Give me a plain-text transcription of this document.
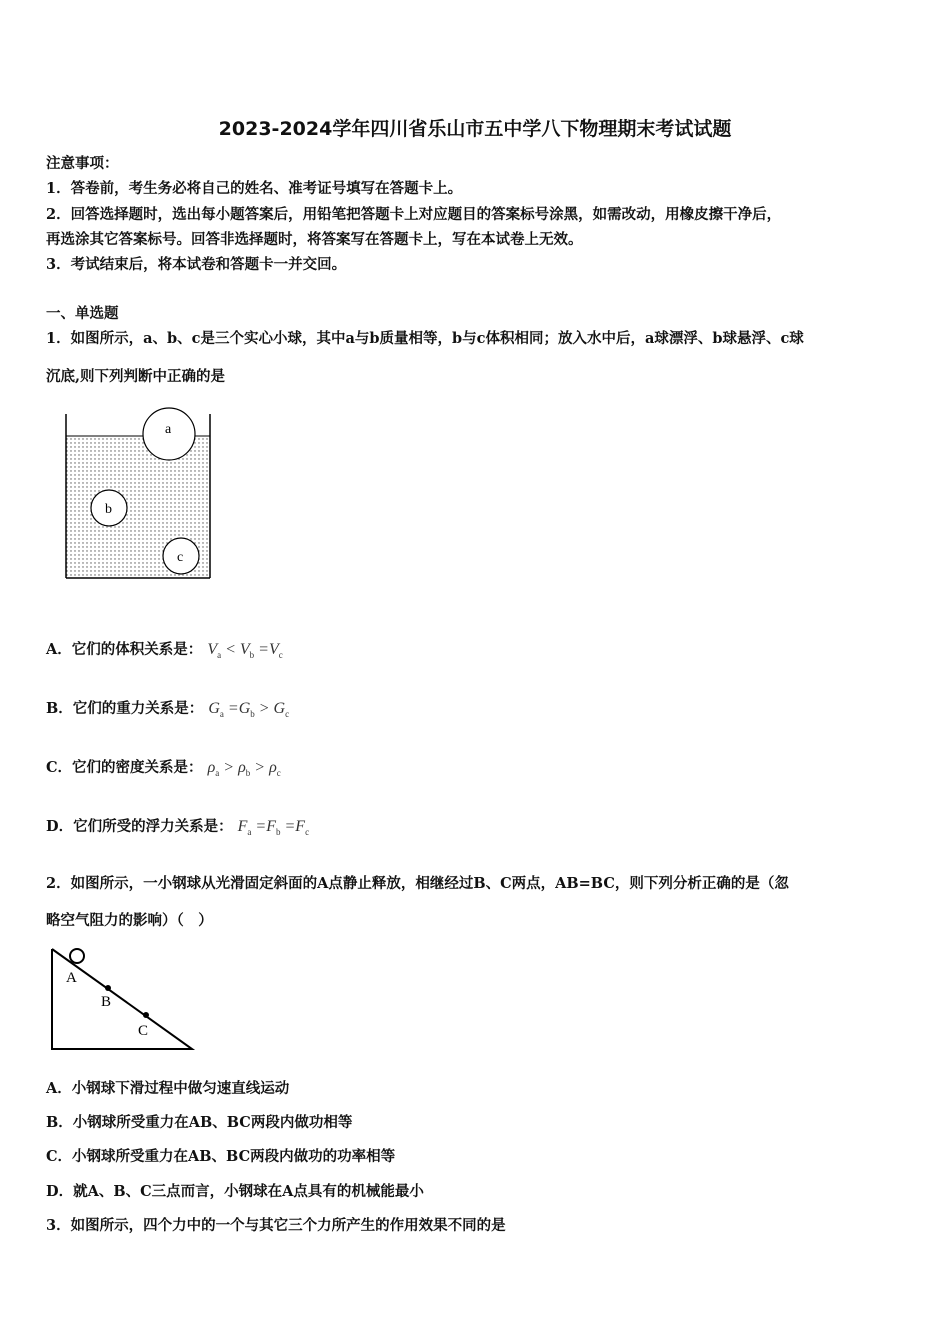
2023-2024学年四川省乐山市五中学八下物理期末考试试题
注意事项：
1．答卷前，考生务必将自己的姓名、准考证号填写在答题卡上。
2．回答选择题时，选出每小题答案后，用铅笔把答题卡上对应题目的答案标号涂黑，如需改动，用橡皮擦干净后，
再选涂其它答案标号。回答非选择题时，将答案写在答题卡上，写在本试卷上无效。
3．考试结束后，将本试卷和答题卡一并交回。
一、单选题
1．如图所示，a、b、c是三个实心小球，其中a与b质量相等，b与c体积相同；放入水中后，a球漂浮、b球悬浮、c球
沉底,则下列判断中正确的是
a
b
c
A．它们的体积关系是： $V_a < V_b =V_c$
B．它们的重力关系是： $G_a =G_b > G_c$
C．它们的密度关系是： $\rho_a > \rho_b > \rho_c$
D．它们所受的浮力关系是： $F_a =F_b =F_c$
2．如图所示，一小钢球从光滑固定斜面的A点静止释放，相继经过B、C两点，AB=BC，则下列分析正确的是（忽
略空气阻力的影响）（　）
A
B
C
A．小钢球下滑过程中做匀速直线运动
B．小钢球所受重力在AB、BC两段内做功相等
C．小钢球所受重力在AB、BC两段内做功的功率相等
D．就A、B、C三点而言，小钢球在A点具有的机械能最小
3．如图所示，四个力中的一个与其它三个力所产生的作用效果不同的是
